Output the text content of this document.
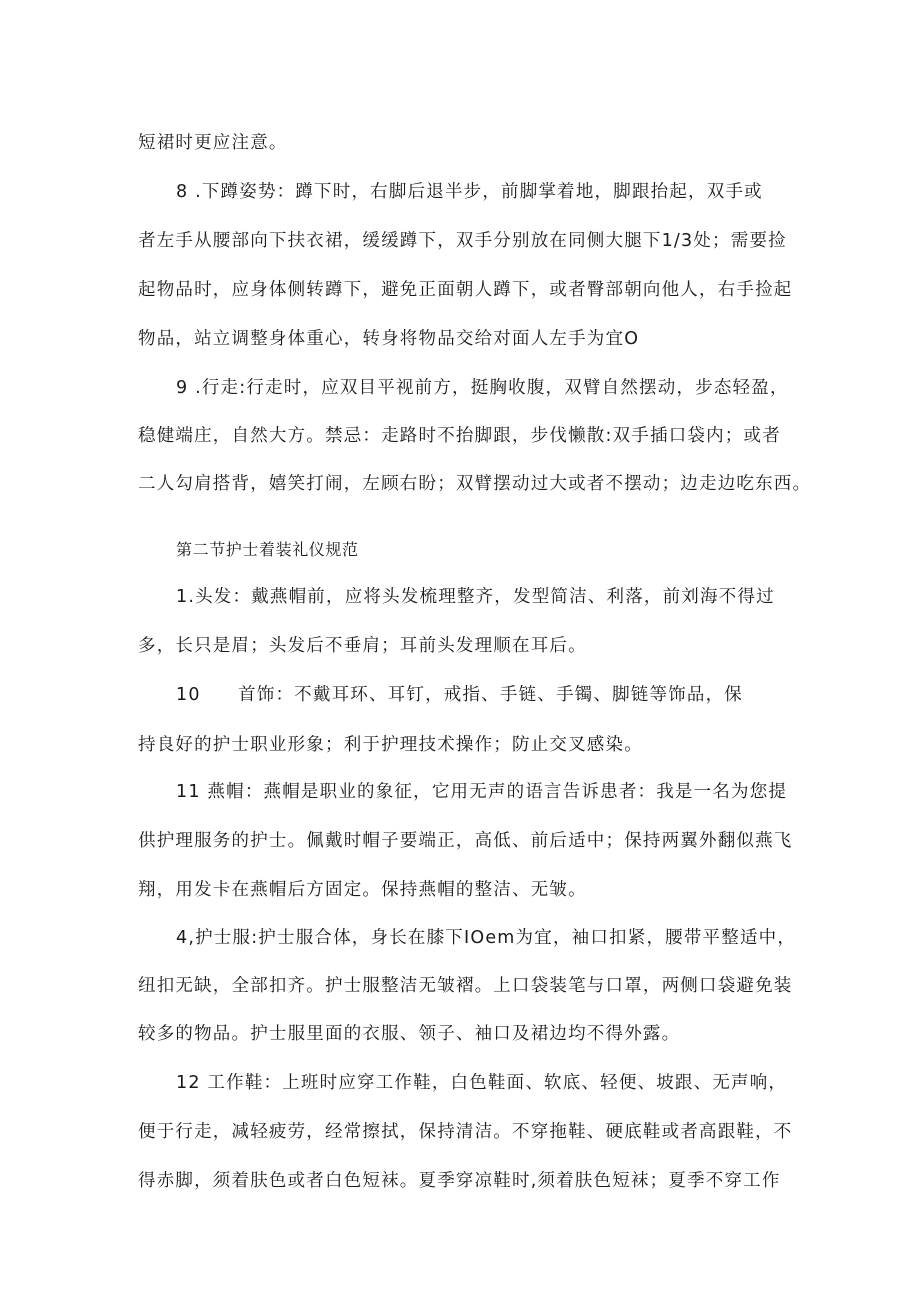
短裙时更应注意。
8 .下蹲姿势：蹲下时，右脚后退半步，前脚掌着地，脚跟抬起，双手或
者左手从腰部向下扶衣裙，缓缓蹲下，双手分别放在同侧大腿下1/3处；需要捡
起物品时，应身体侧转蹲下，避免正面朝人蹲下，或者臀部朝向他人，右手捡起
物品，站立调整身体重心，转身将物品交给对面人左手为宜O
9 .行走:行走时，应双目平视前方，挺胸收腹，双臂自然摆动，步态轻盈，
稳健端庄，自然大方。禁忌：走路时不抬脚跟，步伐懒散:双手插口袋内；或者
二人勾肩搭背，嬉笑打闹，左顾右盼；双臂摆动过大或者不摆动；边走边吃东西。
第二节护士着装礼仪规范
1.头发：戴燕帽前，应将头发梳理整齐，发型简洁、利落，前刘海不得过
多，长只是眉；头发后不垂肩；耳前头发理顺在耳后。
10　　首饰：不戴耳环、耳钉，戒指、手链、手镯、脚链等饰品，保
持良好的护士职业形象；利于护理技术操作；防止交叉感染。
11 燕帽：燕帽是职业的象征，它用无声的语言告诉患者：我是一名为您提
供护理服务的护士。佩戴时帽子要端正，高低、前后适中；保持两翼外翻似燕飞
翔，用发卡在燕帽后方固定。保持燕帽的整洁、无皱。
4,护士服:护士服合体，身长在膝下IOem为宜，袖口扣紧，腰带平整适中，
纽扣无缺，全部扣齐。护士服整洁无皱褶。上口袋装笔与口罩，两侧口袋避免装
较多的物品。护士服里面的衣服、领子、袖口及裙边均不得外露。
12 工作鞋：上班时应穿工作鞋，白色鞋面、软底、轻便、坡跟、无声响，
便于行走，减轻疲劳，经常擦拭，保持清洁。不穿拖鞋、硬底鞋或者高跟鞋，不
得赤脚，须着肤色或者白色短袜。夏季穿凉鞋时,须着肤色短袜；夏季不穿工作
